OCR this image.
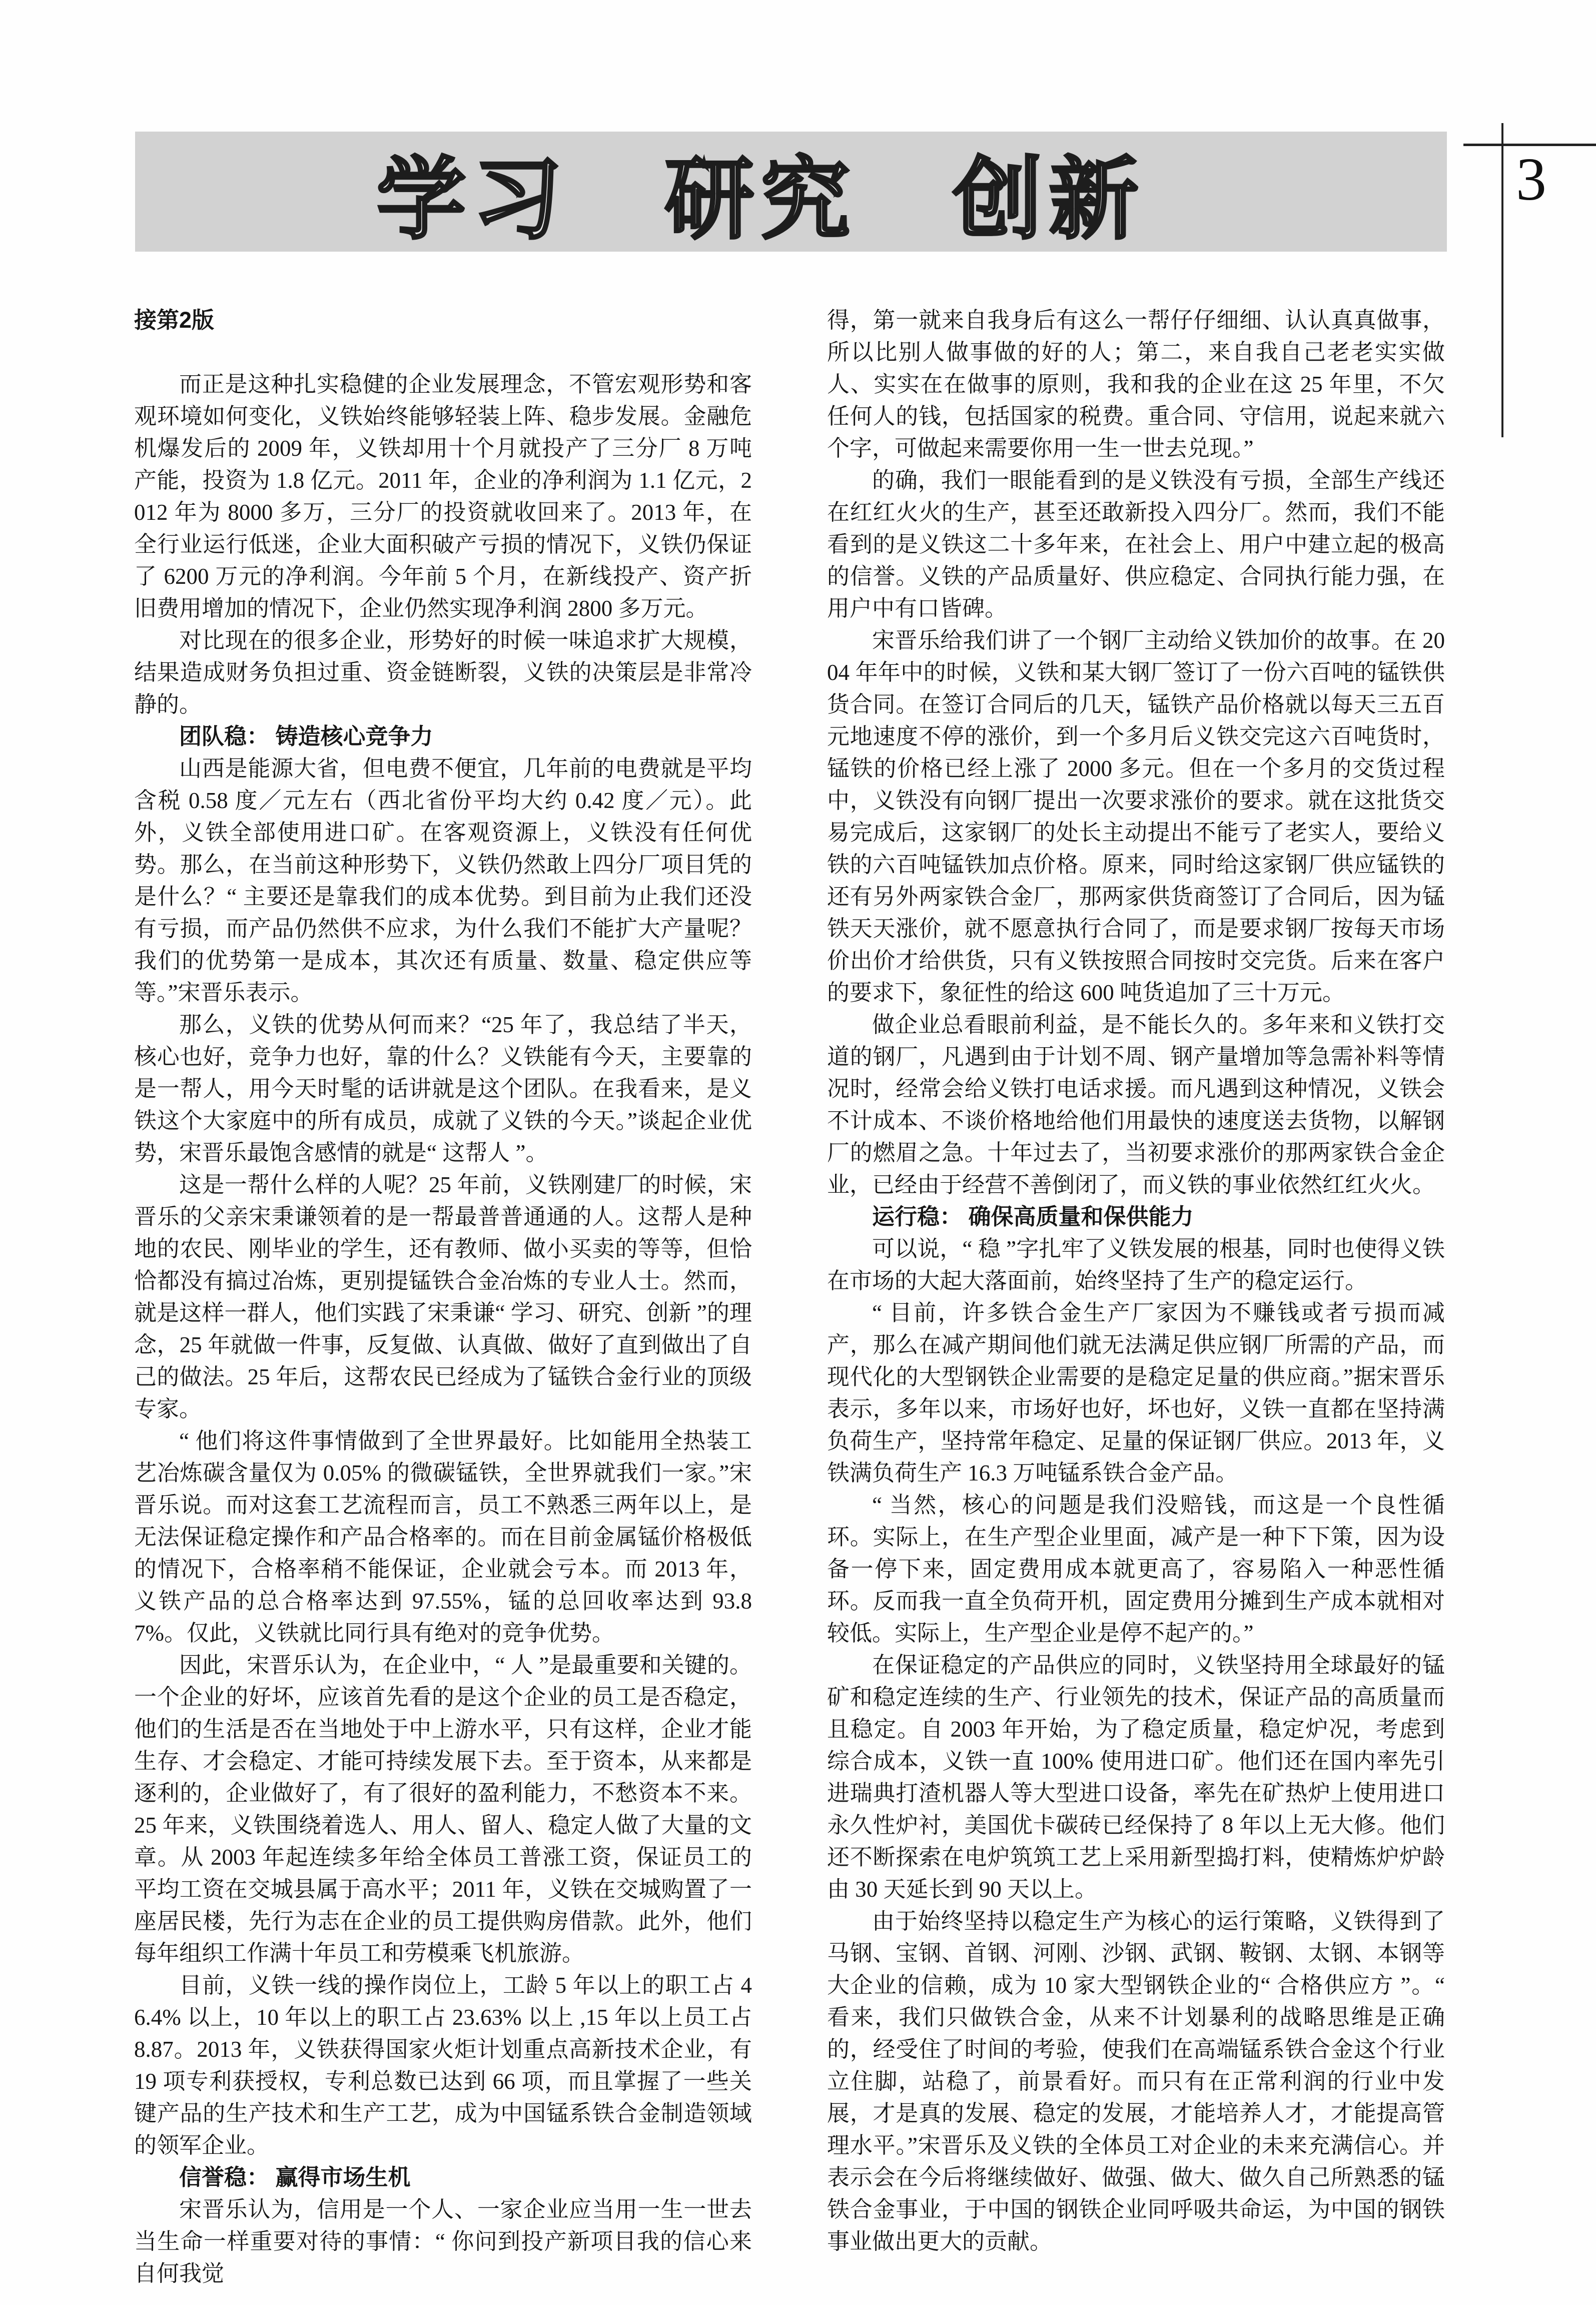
学习　研究　创新	3

接第2版

而正是这种扎实稳健的企业发展理念，不管宏观形势和客观环境如何变化，义铁始终能够轻装上阵、稳步发展。金融危机爆发后的 2009 年，义铁却用十个月就投产了三分厂 8 万吨产能，投资为 1.8 亿元。2011 年，企业的净利润为 1.1 亿元，2012 年为 8000 多万，三分厂的投资就收回来了。2013 年，在全行业运行低迷，企业大面积破产亏损的情况下，义铁仍保证了 6200 万元的净利润。今年前 5 个月，在新线投产、资产折旧费用增加的情况下，企业仍然实现净利润 2800 多万元。

对比现在的很多企业，形势好的时候一味追求扩大规模，结果造成财务负担过重、资金链断裂，义铁的决策层是非常冷静的。

团队稳： 铸造核心竞争力

山西是能源大省，但电费不便宜，几年前的电费就是平均含税 0.58 度／元左右（西北省份平均大约 0.42 度／元）。此外，义铁全部使用进口矿。在客观资源上，义铁没有任何优势。那么，在当前这种形势下，义铁仍然敢上四分厂项目凭的是什么？“ 主要还是靠我们的成本优势。到目前为止我们还没有亏损，而产品仍然供不应求，为什么我们不能扩大产量呢？我们的优势第一是成本，其次还有质量、数量、稳定供应等等。”宋晋乐表示。

那么，义铁的优势从何而来？“25 年了，我总结了半天，核心也好，竞争力也好，靠的什么？义铁能有今天，主要靠的是一帮人，用今天时髦的话讲就是这个团队。在我看来，是义铁这个大家庭中的所有成员，成就了义铁的今天。”谈起企业优势，宋晋乐最饱含感情的就是“ 这帮人 ”。

这是一帮什么样的人呢？25 年前，义铁刚建厂的时候，宋晋乐的父亲宋秉谦领着的是一帮最普普通通的人。这帮人是种地的农民、刚毕业的学生，还有教师、做小买卖的等等，但恰恰都没有搞过冶炼，更别提锰铁合金冶炼的专业人士。然而，就是这样一群人，他们实践了宋秉谦“ 学习、研究、创新 ”的理念，25 年就做一件事，反复做、认真做、做好了直到做出了自己的做法。25 年后，这帮农民已经成为了锰铁合金行业的顶级专家。

“ 他们将这件事情做到了全世界最好。比如能用全热装工艺冶炼碳含量仅为 0.05% 的微碳锰铁，全世界就我们一家。”宋晋乐说。而对这套工艺流程而言，员工不熟悉三两年以上，是无法保证稳定操作和产品合格率的。而在目前金属锰价格极低的情况下，合格率稍不能保证，企业就会亏本。而 2013 年，义铁产品的总合格率达到 97.55%，锰的总回收率达到 93.87%。仅此，义铁就比同行具有绝对的竞争优势。

因此，宋晋乐认为，在企业中，“ 人 ”是最重要和关键的。一个企业的好坏，应该首先看的是这个企业的员工是否稳定，他们的生活是否在当地处于中上游水平，只有这样，企业才能生存、才会稳定、才能可持续发展下去。至于资本，从来都是逐利的，企业做好了，有了很好的盈利能力，不愁资本不来。25 年来，义铁围绕着选人、用人、留人、稳定人做了大量的文章。从 2003 年起连续多年给全体员工普涨工资，保证员工的平均工资在交城县属于高水平；2011 年，义铁在交城购置了一座居民楼，先行为志在企业的员工提供购房借款。此外，他们每年组织工作满十年员工和劳模乘飞机旅游。

目前，义铁一线的操作岗位上，工龄 5 年以上的职工占 46.4% 以上，10 年以上的职工占 23.63% 以上 ,15 年以上员工占 8.87。2013 年，义铁获得国家火炬计划重点高新技术企业，有 19 项专利获授权，专利总数已达到 66 项，而且掌握了一些关键产品的生产技术和生产工艺，成为中国锰系铁合金制造领域的领军企业。

信誉稳： 赢得市场生机

宋晋乐认为，信用是一个人、一家企业应当用一生一世去当生命一样重要对待的事情：“ 你问到投产新项目我的信心来自何我觉

得，第一就来自我身后有这么一帮仔仔细细、认认真真做事，所以比别人做事做的好的人；第二，来自我自己老老实实做人、实实在在做事的原则，我和我的企业在这 25 年里，不欠任何人的钱，包括国家的税费。重合同、守信用，说起来就六个字，可做起来需要你用一生一世去兑现。”

的确，我们一眼能看到的是义铁没有亏损，全部生产线还在红红火火的生产，甚至还敢新投入四分厂。然而，我们不能看到的是义铁这二十多年来，在社会上、用户中建立起的极高的信誉。义铁的产品质量好、供应稳定、合同执行能力强，在用户中有口皆碑。

宋晋乐给我们讲了一个钢厂主动给义铁加价的故事。在 2004 年年中的时候，义铁和某大钢厂签订了一份六百吨的锰铁供货合同。在签订合同后的几天，锰铁产品价格就以每天三五百元地速度不停的涨价，到一个多月后义铁交完这六百吨货时，锰铁的价格已经上涨了 2000 多元。但在一个多月的交货过程中，义铁没有向钢厂提出一次要求涨价的要求。就在这批货交易完成后，这家钢厂的处长主动提出不能亏了老实人，要给义铁的六百吨锰铁加点价格。原来，同时给这家钢厂供应锰铁的还有另外两家铁合金厂，那两家供货商签订了合同后，因为锰铁天天涨价，就不愿意执行合同了，而是要求钢厂按每天市场价出价才给供货，只有义铁按照合同按时交完货。后来在客户的要求下，象征性的给这 600 吨货追加了三十万元。

做企业总看眼前利益，是不能长久的。多年来和义铁打交道的钢厂，凡遇到由于计划不周、钢产量增加等急需补料等情况时，经常会给义铁打电话求援。而凡遇到这种情况，义铁会不计成本、不谈价格地给他们用最快的速度送去货物，以解钢厂的燃眉之急。十年过去了，当初要求涨价的那两家铁合金企业，已经由于经营不善倒闭了，而义铁的事业依然红红火火。

运行稳： 确保高质量和保供能力

可以说，“ 稳 ”字扎牢了义铁发展的根基，同时也使得义铁在市场的大起大落面前，始终坚持了生产的稳定运行。

“ 目前，许多铁合金生产厂家因为不赚钱或者亏损而减产，那么在减产期间他们就无法满足供应钢厂所需的产品，而现代化的大型钢铁企业需要的是稳定足量的供应商。”据宋晋乐表示，多年以来，市场好也好，坏也好，义铁一直都在坚持满负荷生产，坚持常年稳定、足量的保证钢厂供应。2013 年，义铁满负荷生产 16.3 万吨锰系铁合金产品。

“ 当然，核心的问题是我们没赔钱，而这是一个良性循环。实际上，在生产型企业里面，减产是一种下下策，因为设备一停下来，固定费用成本就更高了，容易陷入一种恶性循环。反而我一直全负荷开机，固定费用分摊到生产成本就相对较低。实际上，生产型企业是停不起产的。”

在保证稳定的产品供应的同时，义铁坚持用全球最好的锰矿和稳定连续的生产、行业领先的技术，保证产品的高质量而且稳定。自 2003 年开始，为了稳定质量，稳定炉况，考虑到综合成本，义铁一直 100% 使用进口矿。他们还在国内率先引进瑞典打渣机器人等大型进口设备，率先在矿热炉上使用进口永久性炉衬，美国优卡碳砖已经保持了 8 年以上无大修。他们还不断探索在电炉筑筑工艺上采用新型捣打料，使精炼炉炉龄由 30 天延长到 90 天以上。

由于始终坚持以稳定生产为核心的运行策略，义铁得到了马钢、宝钢、首钢、河刚、沙钢、武钢、鞍钢、太钢、本钢等大企业的信赖，成为 10 家大型钢铁企业的“ 合格供应方 ”。“ 看来，我们只做铁合金，从来不计划暴利的战略思维是正确的，经受住了时间的考验，使我们在高端锰系铁合金这个行业立住脚，站稳了，前景看好。而只有在正常利润的行业中发展，才是真的发展、稳定的发展，才能培养人才，才能提高管理水平。”宋晋乐及义铁的全体员工对企业的未来充满信心。并表示会在今后将继续做好、做强、做大、做久自己所熟悉的锰铁合金事业，于中国的钢铁企业同呼吸共命运，为中国的钢铁事业做出更大的贡献。
